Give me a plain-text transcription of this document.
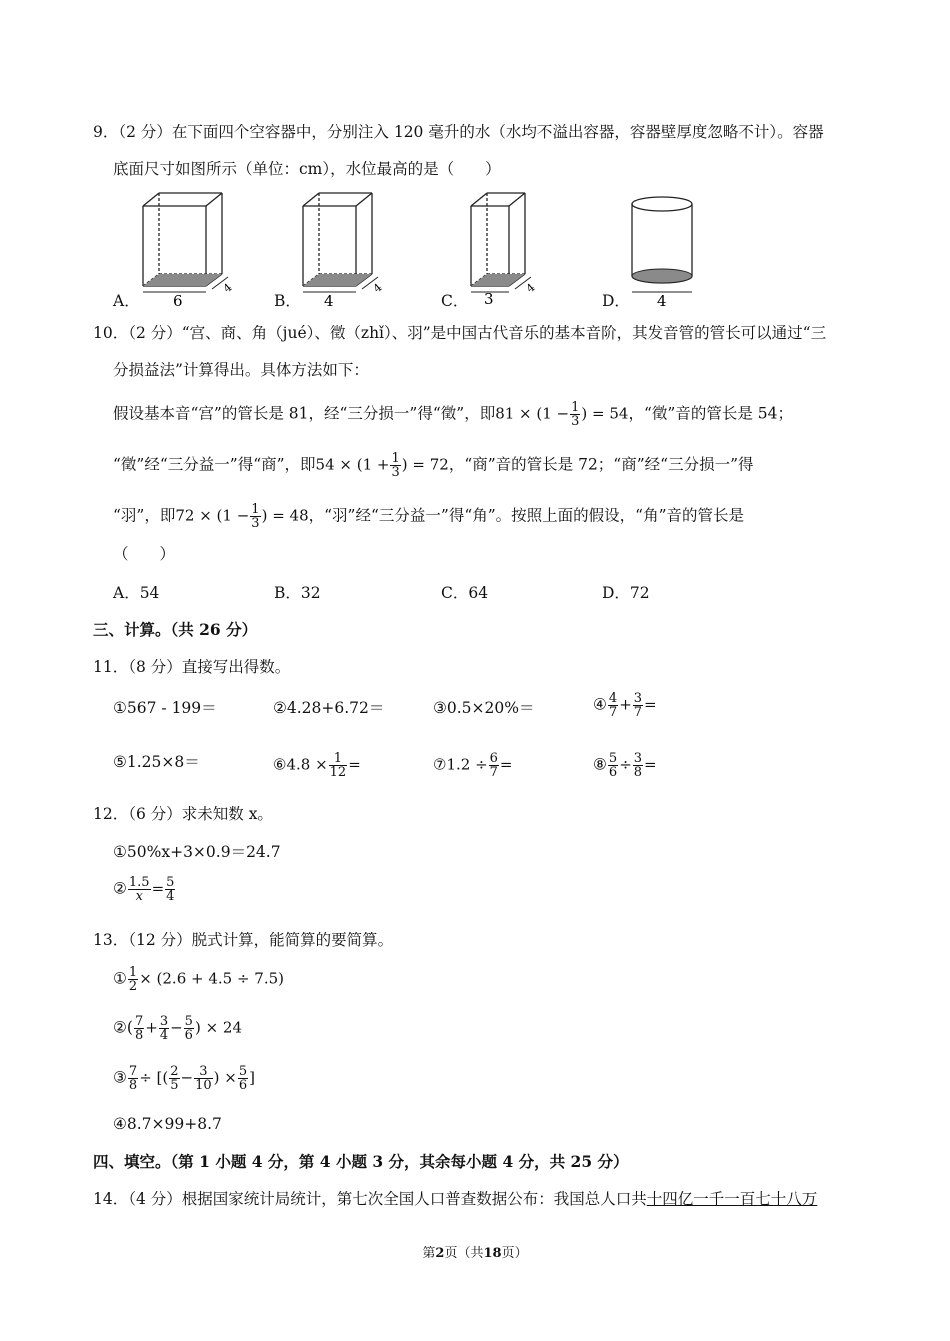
9．（2 分）在下面四个空容器中，分别注入 120 毫升的水（水均不溢出容器，容器壁厚度忽略不计）。容器
底面尺寸如图所示（单位：cm），水位最高的是（　　）
6
4
4
4
3
4
4
A．	B．	C．	D．
10．（2 分）“宫、商、角（jué）、徵（zhǐ）、羽”是中国古代音乐的基本音阶，其发音管的管长可以通过“三
分损益法”计算得出。具体方法如下：
假设基本音“宫”的管长是 81，经“三分损一”得“徵”，即$81 \times (1 - \frac{1}{3}$ ) = 54，“徵”音的管长是 54；
“徵”经“三分益一”得“商”，即$54 \times (1 + \frac{1}{3}$ ) = 72，“商”音的管长是 72；“商”经“三分损一”得
“羽”，即$72 \times (1 - \frac{1}{3}$ ) = 48，“羽”经“三分益一”得“角”。按照上面的假设，“角”音的管长是
（　　）
A．54	B．32	C．64	D．72
三、计算。（共 26 分）
11．（8 分）直接写出得数。
①567 - 199＝	②4.28+6.72＝	③0.5×20%＝	④ $\frac{4}{7} + \frac{3}{7}$ =
⑤1.25×8＝	⑥4.8 × $\frac{1}{12}$ =	⑦1.2 ÷ $\frac{6}{7}$ =	⑧ $\frac{5}{6} \div \frac{3}{8}$ =
12．（6 分）求未知数 x。
①50%x+3×0.9＝24.7
② $\frac{1.5}{x} = \frac{5}{4}$
13．（12 分）脱式计算，能简算的要简算。
① $\frac{1}{2} \times (2.6 + 4.5 \div 7.5)$
②( $\frac{7}{8} + \frac{3}{4} - \frac{5}{6}$ ) × 24
③ $\frac{7}{8}$ ÷ [( $\frac{2}{5} - \frac{3}{10}$ ) × $\frac{5}{6}$ ]
④8.7×99+8.7
四、填空。（第 1 小题 4 分，第 4 小题 3 分，其余每小题 4 分，共 25 分）
14．（4 分）根据国家统计局统计，第七次全国人口普查数据公布：我国总人口共十四亿一千一百七十八万
第2页（共18页）
